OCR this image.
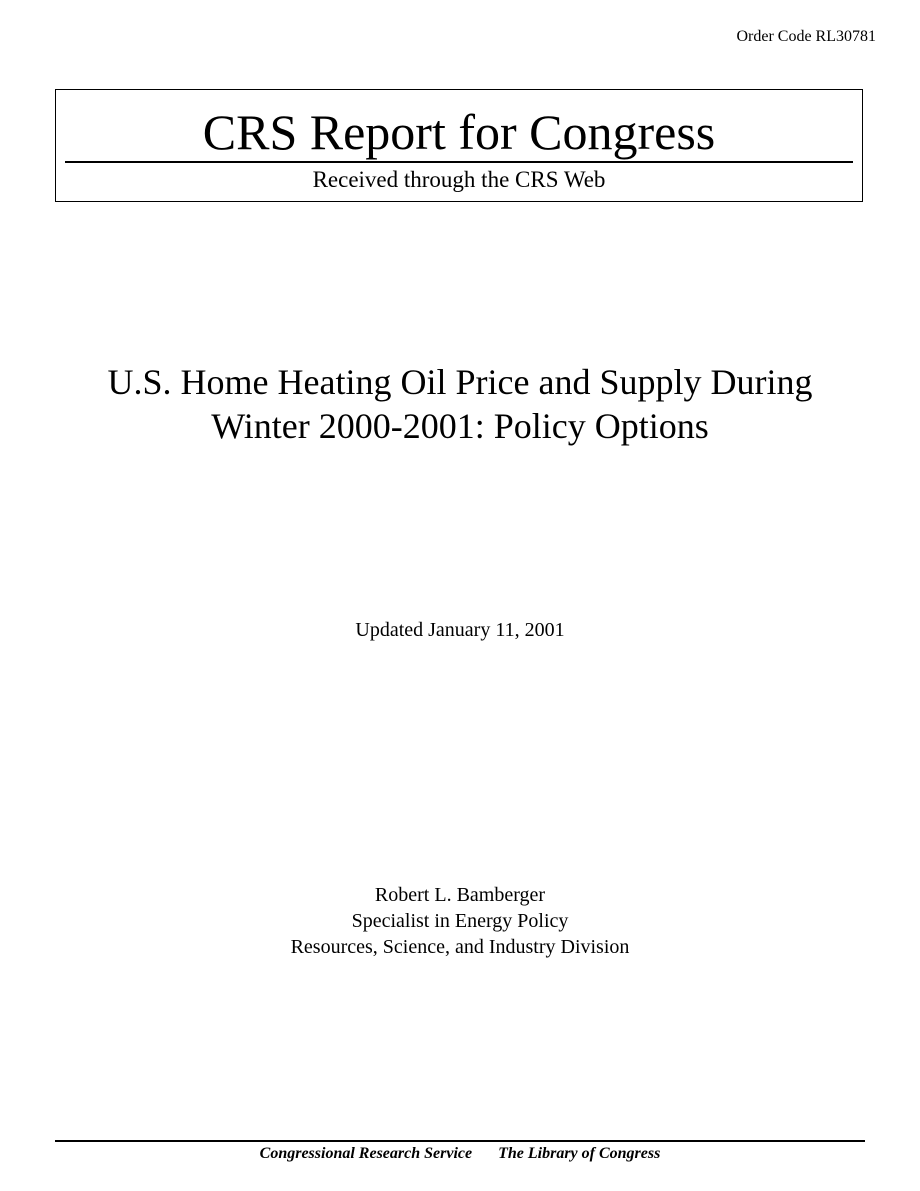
Order Code RL30781
CRS Report for Congress
Received through the CRS Web
U.S. Home Heating Oil Price and Supply During
Winter 2000-2001: Policy Options
Updated January 11, 2001
Robert L. Bamberger
Specialist in Energy Policy
Resources, Science, and Industry Division
Congressional Research Service The Library of Congress
